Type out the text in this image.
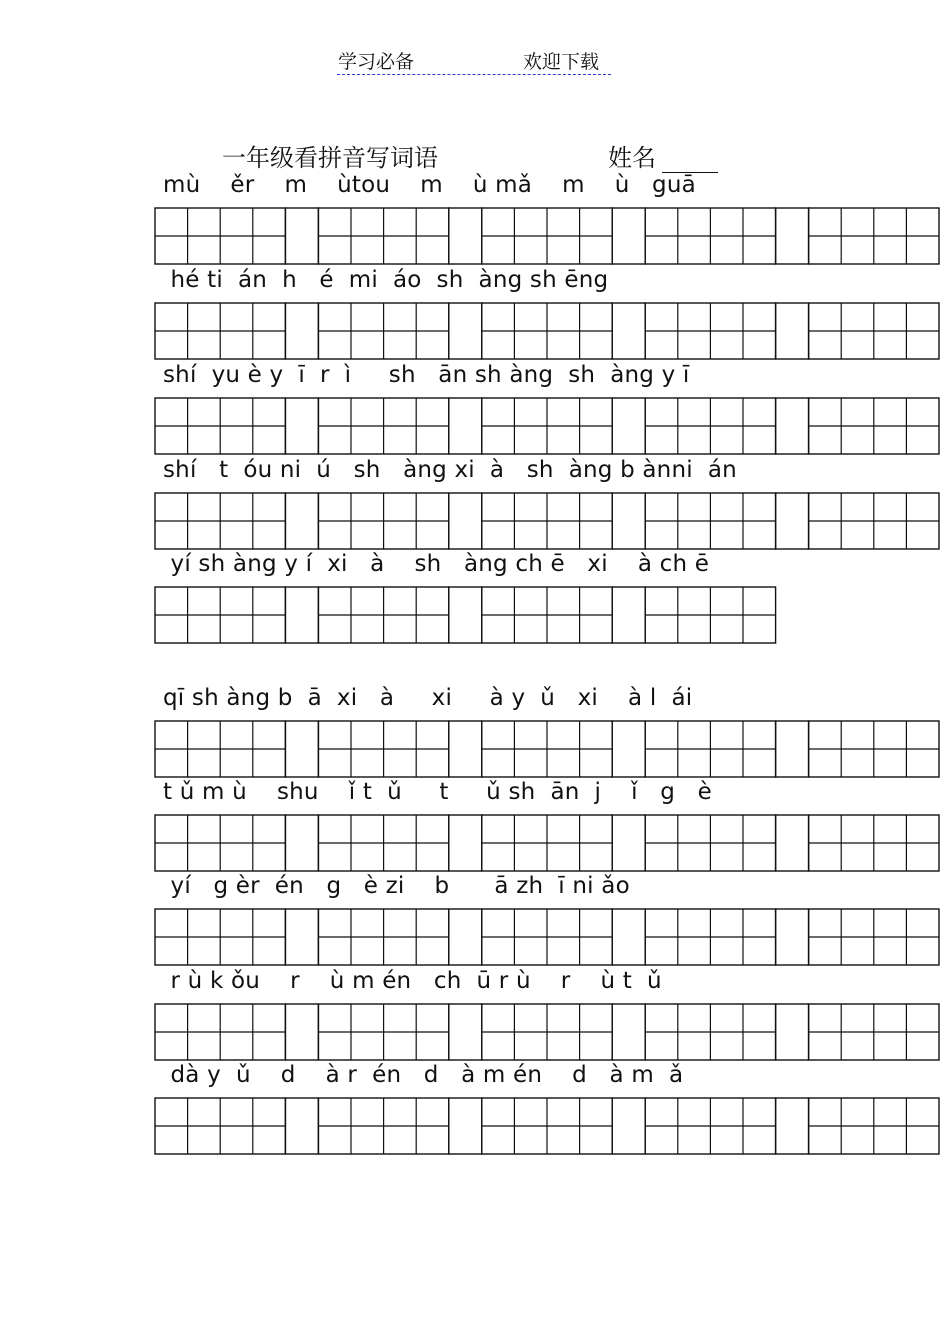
学习必备	欢迎下载
一年级看拼音写词语	姓名
mù    ěr    m    ùtou    m    ù mǎ    m    ù   guā
hé ti  án  h   é  mi  áo  sh  àng sh ēng
shí  yu è y  ī  r  ì     sh   ān sh àng  sh  àng y ī
shí   t  óu ni  ú   sh   àng xi  à   sh  àng b ànni  án
yí sh àng y í  xi   à    sh   àng ch ē   xi    à ch ē
qī sh àng b  ā  xi   à     xi     à y  ǔ   xi    à l  ái
t ǔ m ù    shu    ǐ t  ǔ     t     ǔ sh  ān  j    ǐ   g   è
yí   g èr  én   g   è zi    b      ā zh  ī ni ǎo
r ù k ǒu    r    ù m én   ch  ū r ù    r    ù t  ǔ
dà y  ǔ    d    à r  én   d   à m én    d   à m  ǎ
